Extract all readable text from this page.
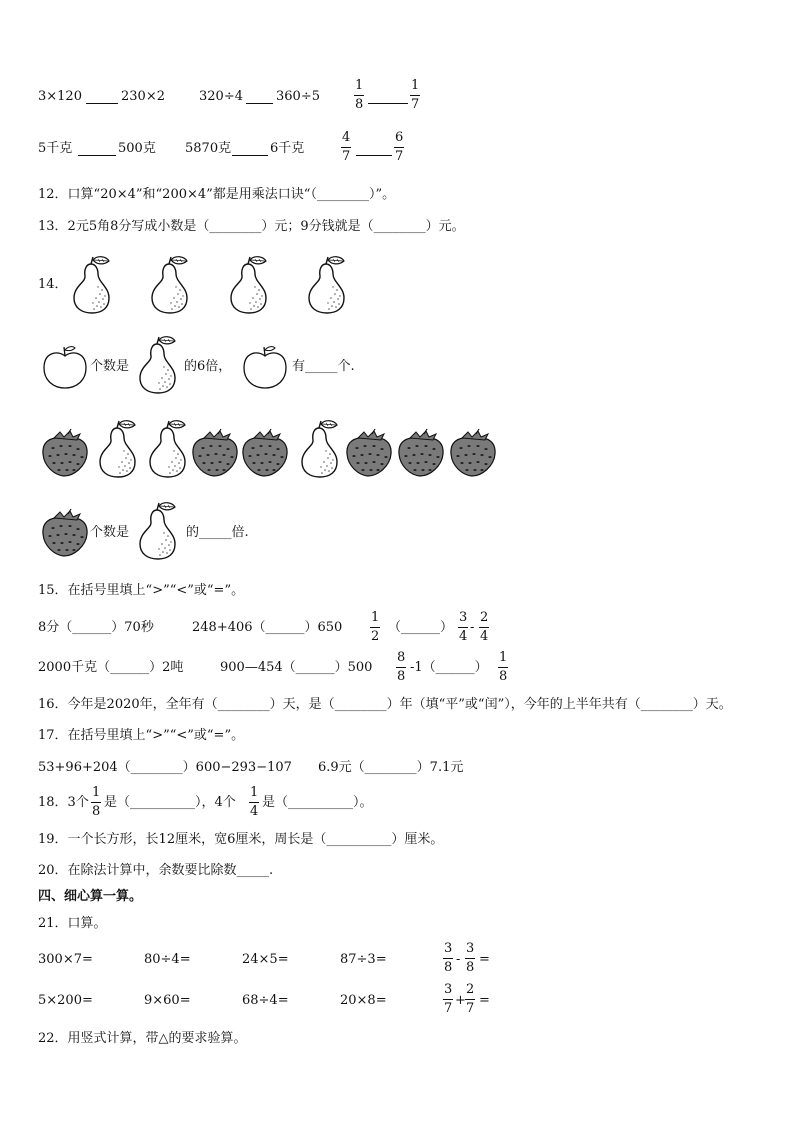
3×120	230×2	320÷4	360÷5	$\frac{1}{8}$	$\frac{1}{7}$
5千克	500克 5870克	6千克	$\frac{4}{7}$	$\frac{6}{7}$
12．口算“20×4”和“200×4”都是用乘法口诀“（________）”。
13．2元5角8分写成小数是（________）元；9分钱就是（________）元。
14．
个数是	的6倍，	有_____个.
个数是	的_____倍.
15．在括号里填上“>”“<”或“=”。
8分（______）70秒	248+406（______）650 $\frac{1}{2}$ （______） $\frac{3}{4} - \frac{2}{4}$
2000千克（______）2吨	900—454（______）500 $\frac{8}{8}$ -1（______） $\frac{1}{8}$
16．今年是2020年，全年有（________）天，是（________）年（填“平”或“闰”），今年的上半年共有（________）天。
17．在括号里填上“>”“<”或“=”。
53+96+204（________）600−293−107 6.9元（________）7.1元
18．3个 $\frac{1}{8}$ 是（__________），4个 $\frac{1}{4}$ 是（__________）。
19．一个长方形，长12厘米，宽6厘米，周长是（__________）厘米。
20．在除法计算中，余数要比除数_____.
四、细心算一算。
21．口算。
300×7=	80÷4=	24×5=	87÷3=	$\frac{3}{8} - \frac{3}{8}$ =
5×200=	9×60=	68÷4=	20×8=	$\frac{3}{7} + \frac{2}{7}$ =
22．用竖式计算，带△的要求验算。
